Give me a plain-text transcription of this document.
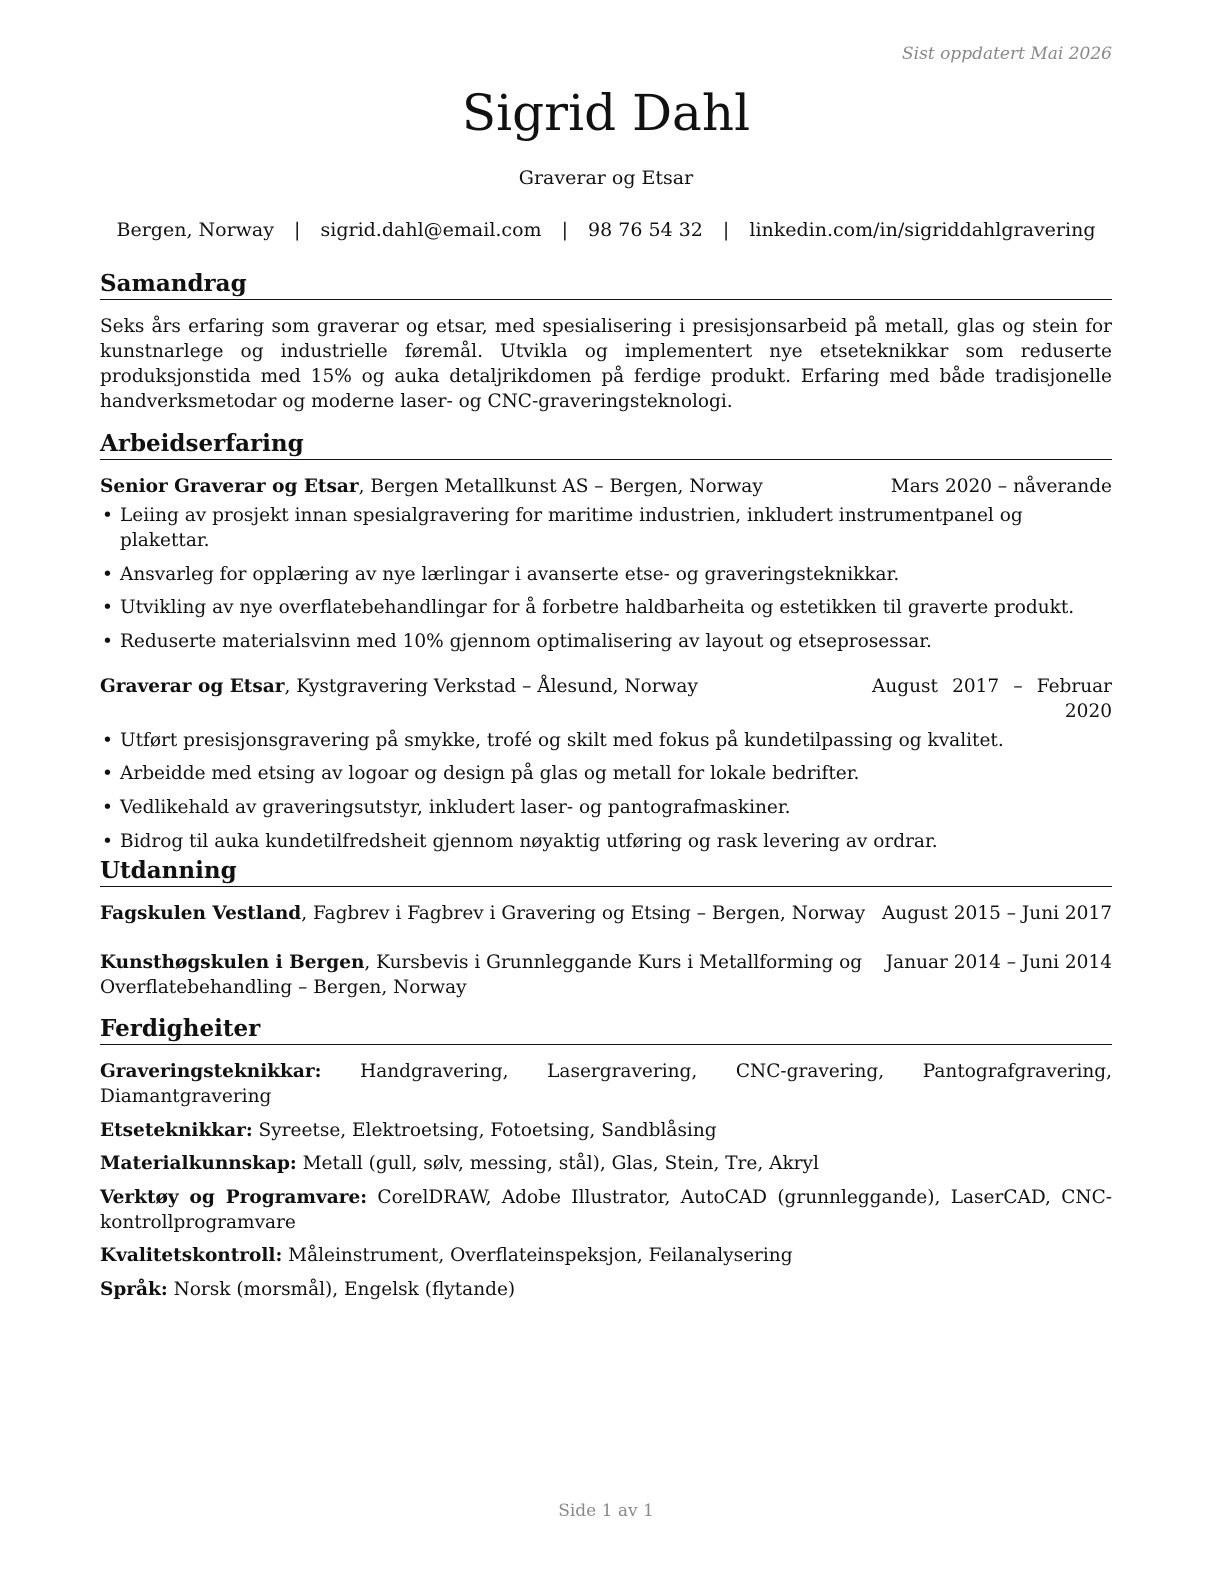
Sist oppdatert Mai 2026
Sigrid Dahl
Graverar og Etsar
Bergen, Norway | sigrid.dahl@email.com | 98 76 54 32 | linkedin.com/in/sigriddahlgravering
Samandrag
Seks års erfaring som graverar og etsar, med spesialisering i presisjonsarbeid på metall, glas og stein for kunstnarlege og industrielle føremål. Utvikla og implementert nye etseteknikkar som reduserte produksjonstida med 15% og auka detaljrikdomen på ferdige produkt. Erfaring med både tradisjonelle handverksmetodar og moderne laser- og CNC-graveringsteknologi.
Arbeidserfaring
Senior Graverar og Etsar, Bergen Metallkunst AS – Bergen, Norway	Mars 2020 – nåverande
• Leiing av prosjekt innan spesialgravering for maritime industrien, inkludert instrumentpanel og plakettar.
• Ansvarleg for opplæring av nye lærlingar i avanserte etse- og graveringsteknikkar.
• Utvikling av nye overflatebehandlingar for å forbetre haldbarheita og estetikken til graverte produkt.
• Reduserte materialsvinn med 10% gjennom optimalisering av layout og etseprosessar.
Graverar og Etsar, Kystgravering Verkstad – Ålesund, Norway	August 2017 – Februar 2020
• Utført presisjonsgravering på smykke, trofé og skilt med fokus på kundetilpassing og kvalitet.
• Arbeidde med etsing av logoar og design på glas og metall for lokale bedrifter.
• Vedlikehald av graveringsutstyr, inkludert laser- og pantografmaskiner.
• Bidrog til auka kundetilfredsheit gjennom nøyaktig utføring og rask levering av ordrar.
Utdanning
Fagskulen Vestland, Fagbrev i Fagbrev i Gravering og Etsing – Bergen, Norway August 2015 – Juni 2017
Kunsthøgskulen i Bergen, Kursbevis i Grunnleggande Kurs i Metallforming og Overflatebehandling – Bergen, Norway
Januar 2014 – Juni 2014
Ferdigheiter
Graveringsteknikkar: Handgravering, Lasergravering, CNC-gravering, Pantografgravering, Diamantgravering
Etseteknikkar: Syreetse, Elektroetsing, Fotoetsing, Sandblåsing
Materialkunnskap: Metall (gull, sølv, messing, stål), Glas, Stein, Tre, Akryl
Verktøy og Programvare: CorelDRAW, Adobe Illustrator, AutoCAD (grunnleggande), LaserCAD, CNC-kontrollprogramvare
Kvalitetskontroll: Måleinstrument, Overflateinspeksjon, Feilanalysering
Språk: Norsk (morsmål), Engelsk (flytande)
Side 1 av 1
